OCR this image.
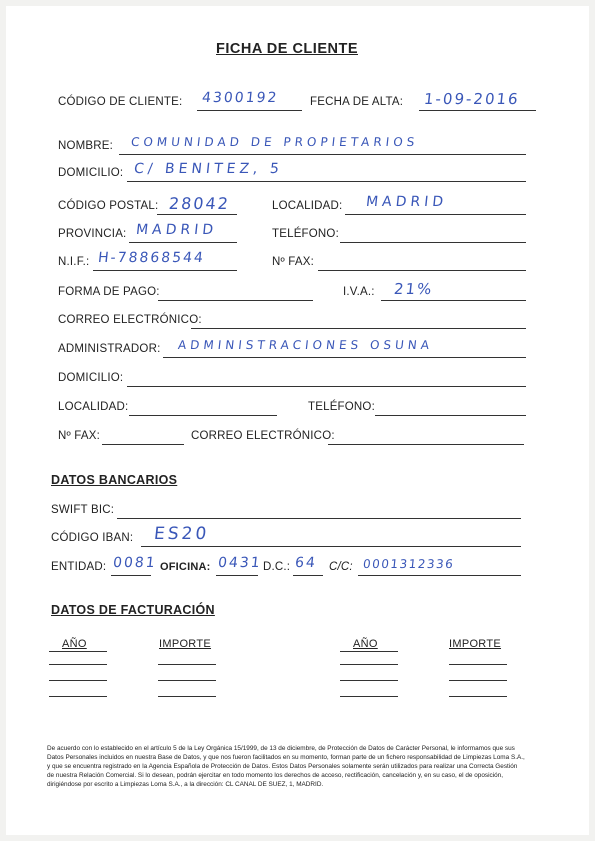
FICHA DE CLIENTE
CÓDIGO DE CLIENTE: 4300192	FECHA DE ALTA: 1-09-2016
NOMBRE: COMUNIDAD DE PROPIETARIOS
DOMICILIO: C/ BENITEZ, 5
CÓDIGO POSTAL: 28042	LOCALIDAD: MADRID
PROVINCIA: MADRID	TELÉFONO:
N.I.F.: H-78868544	Nº FAX:
FORMA DE PAGO:	I.V.A.: 21%
CORREO ELECTRÓNICO:
ADMINISTRADOR: ADMINISTRACIONES OSUNA
DOMICILIO:
LOCALIDAD:	TELÉFONO:
Nº FAX:	CORREO ELECTRÓNICO:
DATOS BANCARIOS
SWIFT BIC:
CÓDIGO IBAN: ES20
ENTIDAD: 0081 OFICINA: 0431 D.C.: 64 C/C: 0001312336
DATOS DE FACTURACIÓN
AÑO	IMPORTE	AÑO	IMPORTE
De acuerdo con lo establecido en el artículo 5 de la Ley Orgánica 15/1999, de 13 de diciembre, de Protección de Datos de Carácter Personal, le informamos que sus Datos Personales incluidos en nuestra Base de Datos, y que nos fueron facilitados en su momento, forman parte de un fichero responsabilidad de Limpiezas Loma S.A., y que se encuentra registrado en la Agencia Española de Protección de Datos. Estos Datos Personales solamente serán utilizados para realizar una Correcta Gestión de nuestra Relación Comercial. Si lo desean, podrán ejercitar en todo momento los derechos de acceso, rectificación, cancelación y, en su caso, el de oposición, dirigiéndose por escrito a Limpiezas Loma S.A., a la dirección: CL CANAL DE SUEZ, 1, MADRID.
